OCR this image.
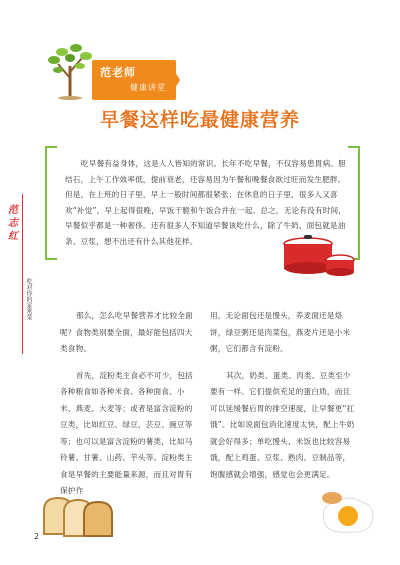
范老师
健康讲堂
早餐这样吃最健康营养
吃早餐有益身体，这是人人皆知的常识。长年不吃早餐，不仅容易患胃病、胆结石，上午工作效率低，提前衰老，还容易因为午餐和晚餐食欲过旺而发生肥胖。但是，在上班的日子里，早上一般时间都很紧张；在休息的日子里，很多人又喜欢“补觉”，早上起得很晚，早饭干脆和午饭合并在一起。总之，无论有没有时间，早餐似乎都是一种奢侈。还有很多人不知道早餐该吃什么，除了牛奶、面包就是油条、豆浆，想不出还有什么其他花样。
范志红
吃对你的家常菜	那么，怎么吃早餐营养才比较全面呢？食物类别要全面，最好能包括四大类食物。

首先，淀粉类主食必不可少，包括各种粮食如各种米食、各种面食、小米、燕麦、大麦等；或者是富含淀粉的豆类，比如红豆、绿豆、芸豆、豌豆等等；也可以是富含淀粉的薯类，比如马铃薯、甘薯、山药、芋头等。淀粉类主食是早餐的主要能量来源，而且对胃有保护作

用。无论面包还是馒头，养麦面还是烙饼，绿豆粥还是肉菜包，燕麦片还是小米粥，它们都含有淀粉。

其次，奶类、蛋类、肉类、豆类至少要有一样。它们提供充足的蛋白质，而且可以延缓餐后胃的排空速度，让早餐更“扛饿”。比如说面包消化速度太快，配上牛奶就会好得多；单吃馒头、米饭也比较容易饿，配上鸡蛋、豆浆、熟肉、豆制品等，饱腹感就会增强，感觉也会更满足。

2
